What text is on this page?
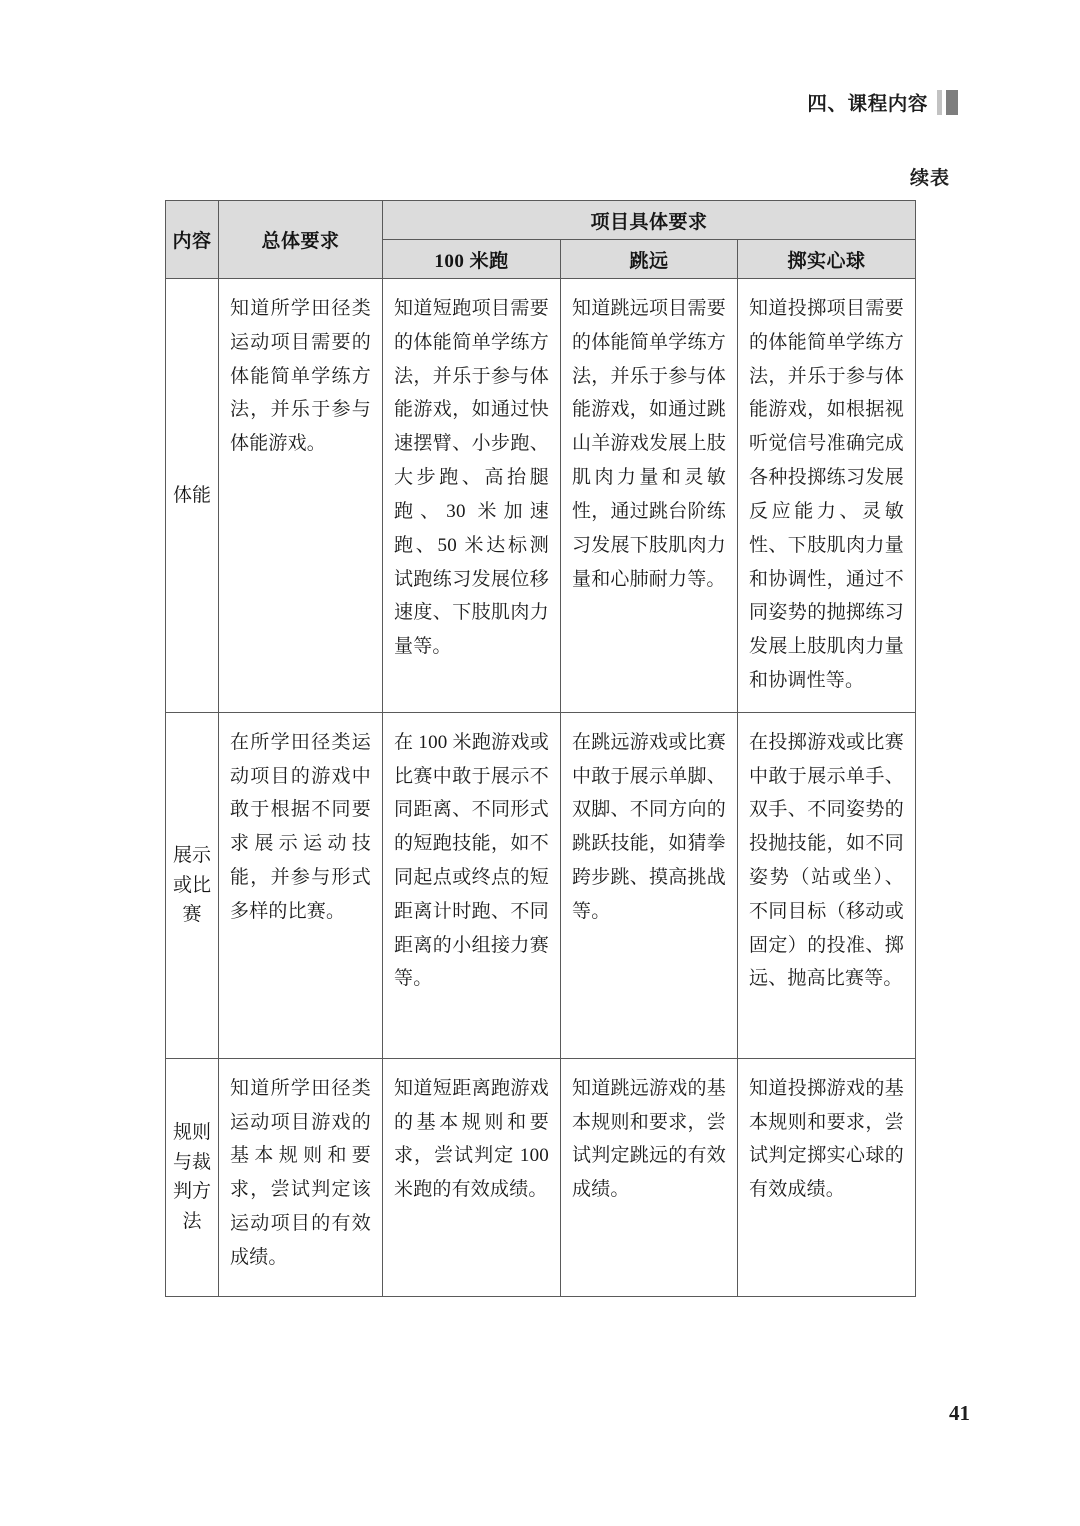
四、课程内容
续表
内容	总体要求	项目具体要求		
		100 米跑	跳远	掷实心球

体能	知道所学田径类运动项目需要的体能简单学练方法，并乐于参与体能游戏。	知道短跑项目需要的体能简单学练方法，并乐于参与体能游戏，如通过快速摆臂、小步跑、大步跑、高抬腿跑、30 米加速跑、50 米达标测试跑练习发展位移速度、下肢肌肉力量等。	知道跳远项目需要的体能简单学练方法，并乐于参与体能游戏，如通过跳山羊游戏发展上肢肌肉力量和灵敏性，通过跳台阶练习发展下肢肌肉力量和心肺耐力等。	知道投掷项目需要的体能简单学练方法，并乐于参与体能游戏，如根据视听觉信号准确完成各种投掷练习发展反应能力、灵敏性、下肢肌肉力量和协调性，通过不同姿势的抛掷练习发展上肢肌肉力量和协调性等。

展示或比赛	在所学田径类运动项目的游戏中敢于根据不同要求展示运动技能，并参与形式多样的比赛。	在 100 米跑游戏或比赛中敢于展示不同距离、不同形式的短跑技能，如不同起点或终点的短距离计时跑、不同距离的小组接力赛等。	在跳远游戏或比赛中敢于展示单脚、双脚、不同方向的跳跃技能，如猜拳跨步跳、摸高挑战等。	在投掷游戏或比赛中敢于展示单手、双手、不同姿势的投抛技能，如不同姿势（站或坐）、不同目标（移动或固定）的投准、掷远、抛高比赛等。

规则与裁判方法	知道所学田径类运动项目游戏的基本规则和要求，尝试判定该运动项目的有效成绩。	知道短距离跑游戏的基本规则和要求，尝试判定 100 米跑的有效成绩。	知道跳远游戏的基本规则和要求，尝试判定跳远的有效成绩。	知道投掷游戏的基本规则和要求，尝试判定掷实心球的有效成绩。
41
